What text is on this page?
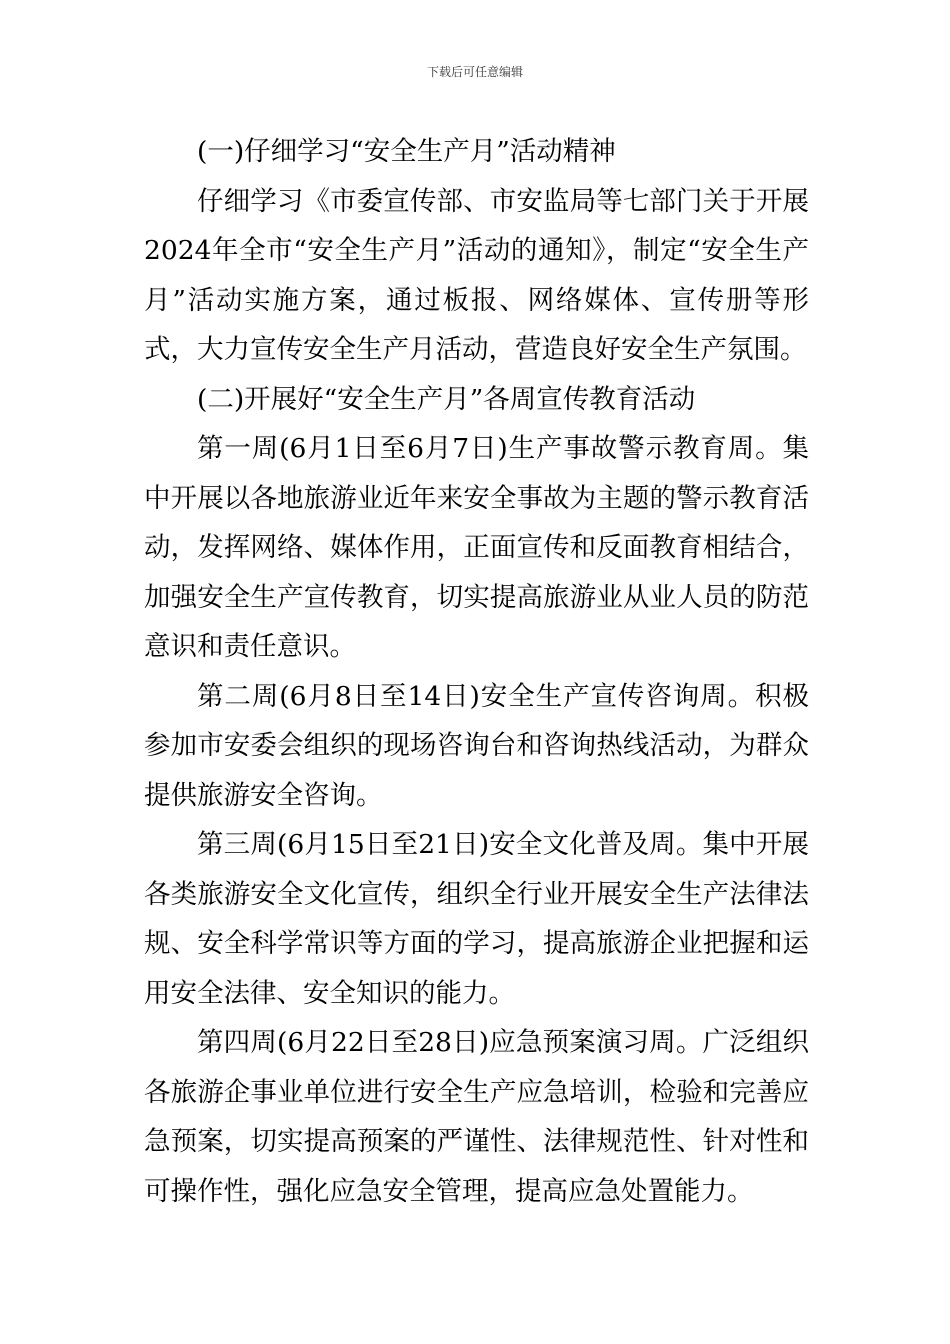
下载后可任意编辑

(一)仔细学习“安全生产月”活动精神

仔细学习《市委宣传部、市安监局等七部门关于开展2024年全市“安全生产月”活动的通知》，制定“安全生产月”活动实施方案，通过板报、网络媒体、宣传册等形式，大力宣传安全生产月活动，营造良好安全生产氛围。

(二)开展好“安全生产月”各周宣传教育活动

第一周(6月1日至6月7日)生产事故警示教育周。集中开展以各地旅游业近年来安全事故为主题的警示教育活动，发挥网络、媒体作用，正面宣传和反面教育相结合，加强安全生产宣传教育，切实提高旅游业从业人员的防范意识和责任意识。

第二周(6月8日至14日)安全生产宣传咨询周。积极参加市安委会组织的现场咨询台和咨询热线活动，为群众提供旅游安全咨询。

第三周(6月15日至21日)安全文化普及周。集中开展各类旅游安全文化宣传，组织全行业开展安全生产法律法规、安全科学常识等方面的学习，提高旅游企业把握和运用安全法律、安全知识的能力。

第四周(6月22日至28日)应急预案演习周。广泛组织各旅游企事业单位进行安全生产应急培训，检验和完善应急预案，切实提高预案的严谨性、法律规范性、针对性和可操作性，强化应急安全管理，提高应急处置能力。
